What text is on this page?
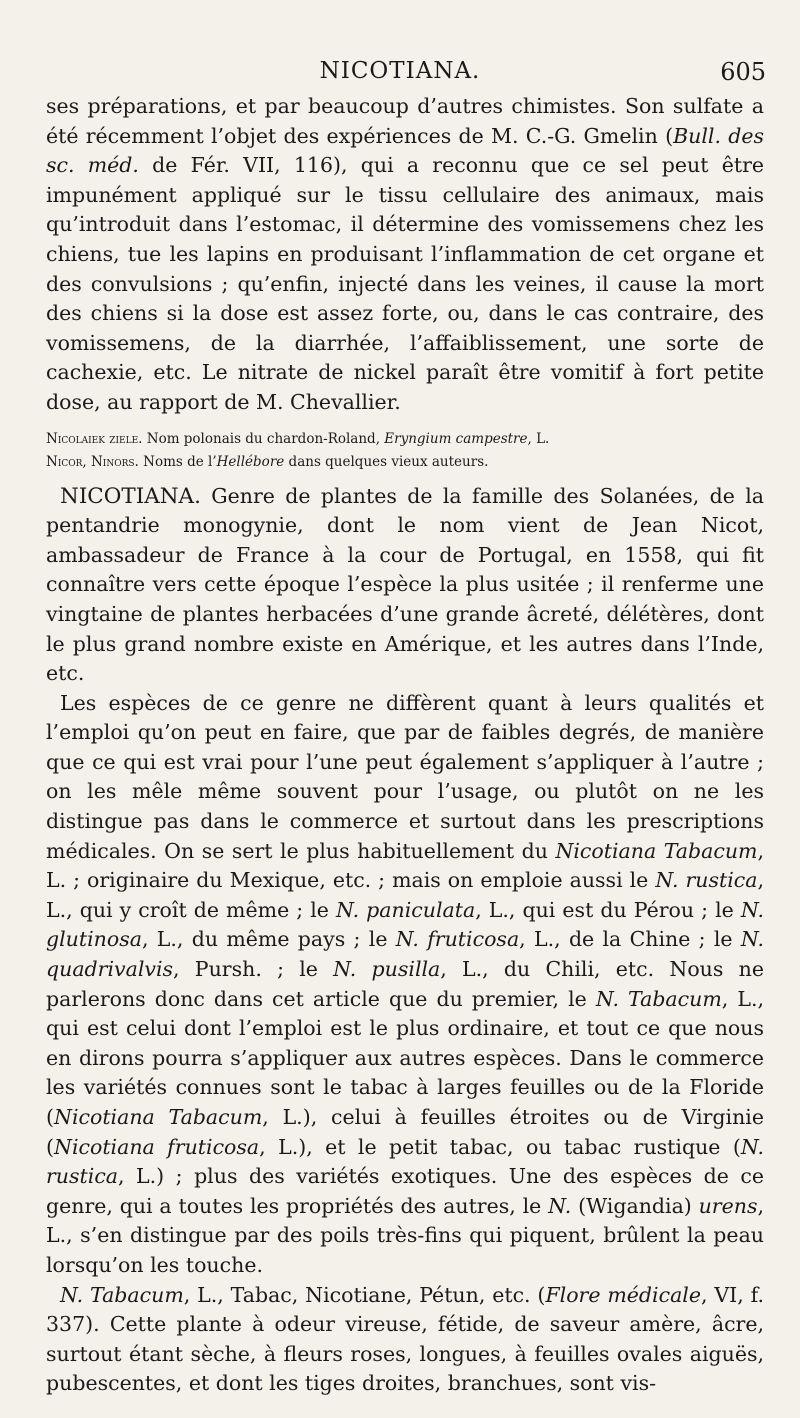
NICOTIANA.	605

ses préparations, et par beaucoup d’autres chimistes. Son sulfate a été récemment l’objet des expériences de M. C.-G. Gmelin (Bull. des sc. méd. de Fér. VII, 116), qui a reconnu que ce sel peut être impunément appliqué sur le tissu cellulaire des animaux, mais qu’introduit dans l’estomac, il détermine des vomissemens chez les chiens, tue les lapins en produisant l’inflammation de cet organe et des convulsions ; qu’enfin, injecté dans les veines, il cause la mort des chiens si la dose est assez forte, ou, dans le cas contraire, des vomissemens, de la diarrhée, l’affaiblissement, une sorte de cachexie, etc. Le nitrate de nickel paraît être vomitif à fort petite dose, au rapport de M. Chevallier.

Nicolaiek ziele. Nom polonais du chardon-Roland, Eryngium campestre, L.

Nicor, Ninors. Noms de l’Hellébore dans quelques vieux auteurs.

NICOTIANA. Genre de plantes de la famille des Solanées, de la pentandrie monogynie, dont le nom vient de Jean Nicot, ambassadeur de France à la cour de Portugal, en 1558, qui fit connaître vers cette époque l’espèce la plus usitée ; il renferme une vingtaine de plantes herbacées d’une grande âcreté, délétères, dont le plus grand nombre existe en Amérique, et les autres dans l’Inde, etc.

Les espèces de ce genre ne diffèrent quant à leurs qualités et l’emploi qu’on peut en faire, que par de faibles degrés, de manière que ce qui est vrai pour l’une peut également s’appliquer à l’autre ; on les mêle même souvent pour l’usage, ou plutôt on ne les distingue pas dans le commerce et surtout dans les prescriptions médicales. On se sert le plus habituellement du Nicotiana Tabacum, L. ; originaire du Mexique, etc. ; mais on emploie aussi le N. rustica, L., qui y croît de même ; le N. paniculata, L., qui est du Pérou ; le N. glutinosa, L., du même pays ; le N. fruticosa, L., de la Chine ; le N. quadrivalvis, Pursh. ; le N. pusilla, L., du Chili, etc. Nous ne parlerons donc dans cet article que du premier, le N. Tabacum, L., qui est celui dont l’emploi est le plus ordinaire, et tout ce que nous en dirons pourra s’appliquer aux autres espèces. Dans le commerce les variétés connues sont le tabac à larges feuilles ou de la Floride (Nicotiana Tabacum, L.), celui à feuilles étroites ou de Virginie (Nicotiana fruticosa, L.), et le petit tabac, ou tabac rustique (N. rustica, L.) ; plus des variétés exotiques. Une des espèces de ce genre, qui a toutes les propriétés des autres, le N. (Wigandia) urens, L., s’en distingue par des poils très-fins qui piquent, brûlent la peau lorsqu’on les touche.

N. Tabacum, L., Tabac, Nicotiane, Pétun, etc. (Flore médicale, VI, f. 337). Cette plante à odeur vireuse, fétide, de saveur amère, âcre, surtout étant sèche, à fleurs roses, longues, à feuilles ovales aiguës, pubescentes, et dont les tiges droites, branchues, sont vis-
